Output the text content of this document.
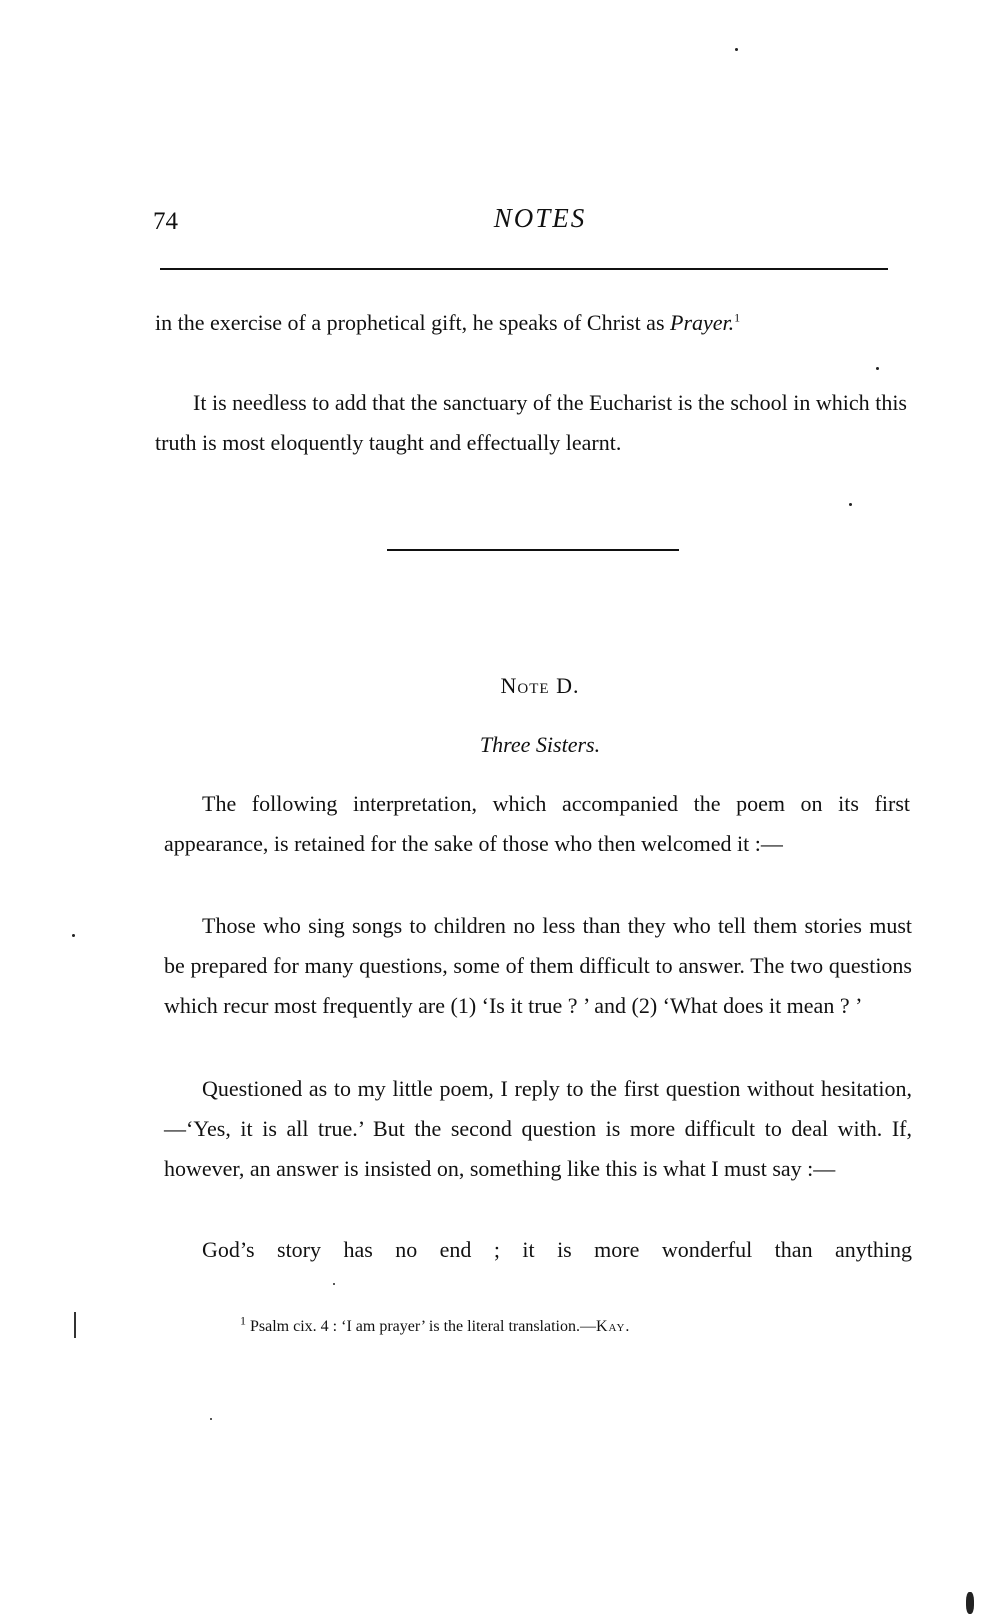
74	NOTES

in the exercise of a prophetical gift, he speaks of Christ as Prayer.$^1$

It is needless to add that the sanctuary of the Eucharist is the school in which this truth is most eloquently taught and effectually learnt.

Note D.
Three Sisters.

The following interpretation, which accompanied the poem on its first appearance, is retained for the sake of those who then welcomed it :—

Those who sing songs to children no less than they who tell them stories must be prepared for many questions, some of them difficult to answer. The two questions which recur most frequently are (1) ‘Is it true ? ’ and (2) ‘What does it mean ? ’

Questioned as to my little poem, I reply to the first question without hesitation,—‘Yes, it is all true.’ But the second question is more difficult to deal with. If, however, an answer is insisted on, something like this is what I must say :—

God’s story has no end ; it is more wonderful than anything

$^1$ Psalm cix. 4 : ‘I am prayer’ is the literal translation.—Kay.
